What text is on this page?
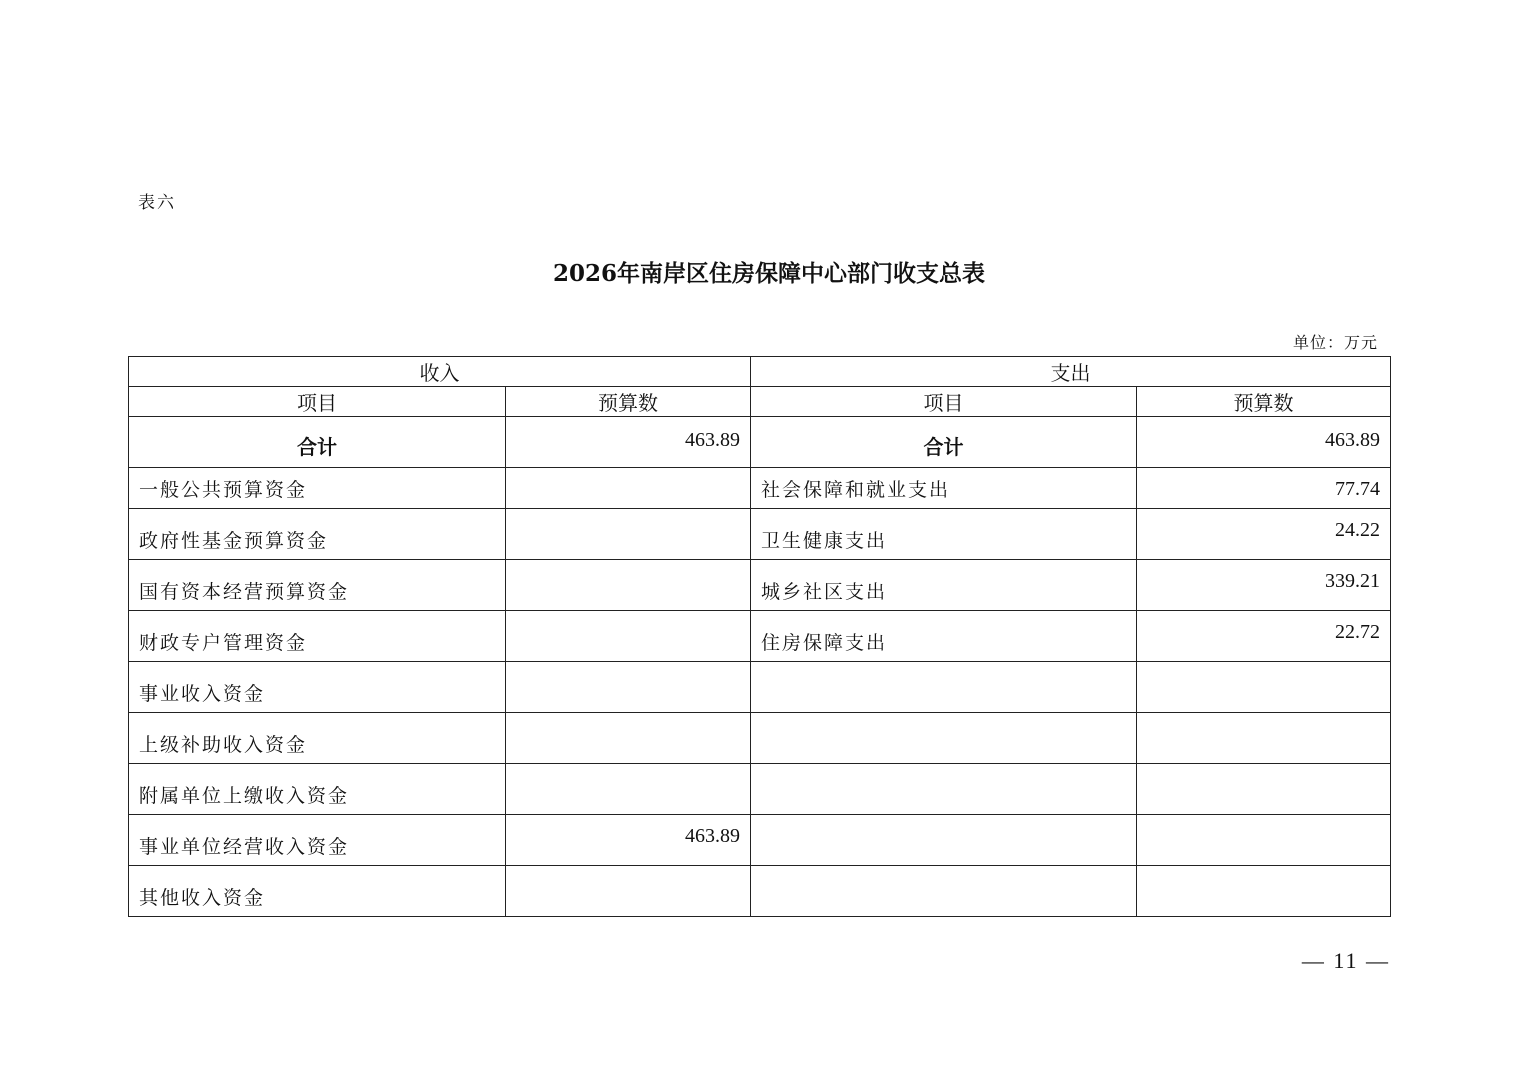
表六
2026年南岸区住房保障中心部门收支总表
单位：万元
收入		支出	
项目	预算数	项目	预算数
合计	463.89	合计	463.89
一般公共预算资金		社会保障和就业支出	77.74
政府性基金预算资金		卫生健康支出	24.22
国有资本经营预算资金		城乡社区支出	339.21
财政专户管理资金		住房保障支出	22.72
事业收入资金			
上级补助收入资金			
附属单位上缴收入资金			
事业单位经营收入资金	463.89		
其他收入资金			
— 11 —
